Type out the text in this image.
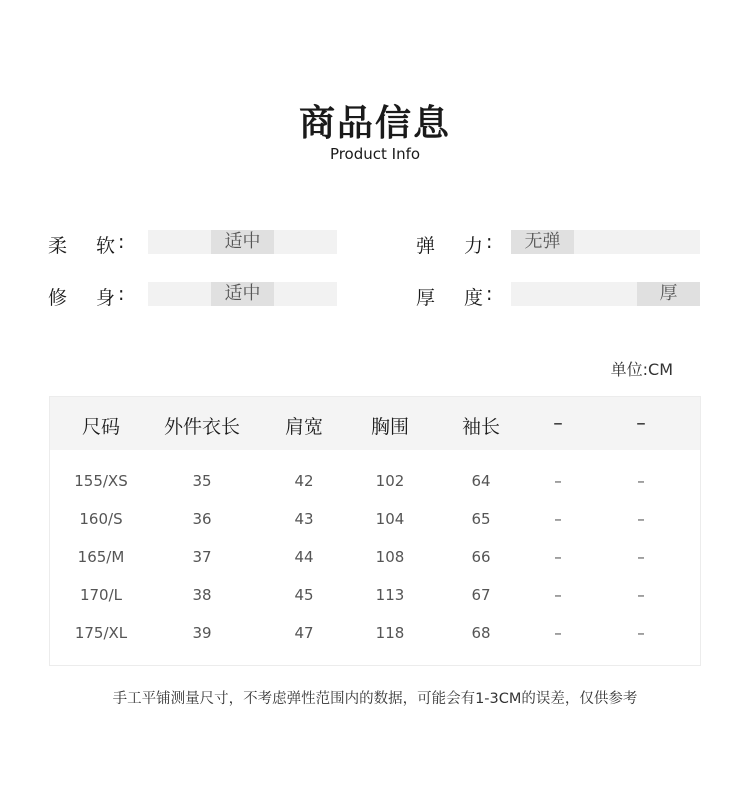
商品信息
Product Info
柔 软 :	适中	弹 力 :	无弹
修 身 :	适中	厚 度 :	厚
单位:CM
尺码	外件衣长	肩宽	胸围	袖长	–	–
155/XS	35	42	102	64	–	–
160/S	36	43	104	65	–	–
165/M	37	44	108	66	–	–
170/L	38	45	113	67	–	–
175/XL	39	47	118	68	–	–
手工平铺测量尺寸，不考虑弹性范围内的数据，可能会有1-3CM的误差，仅供参考
